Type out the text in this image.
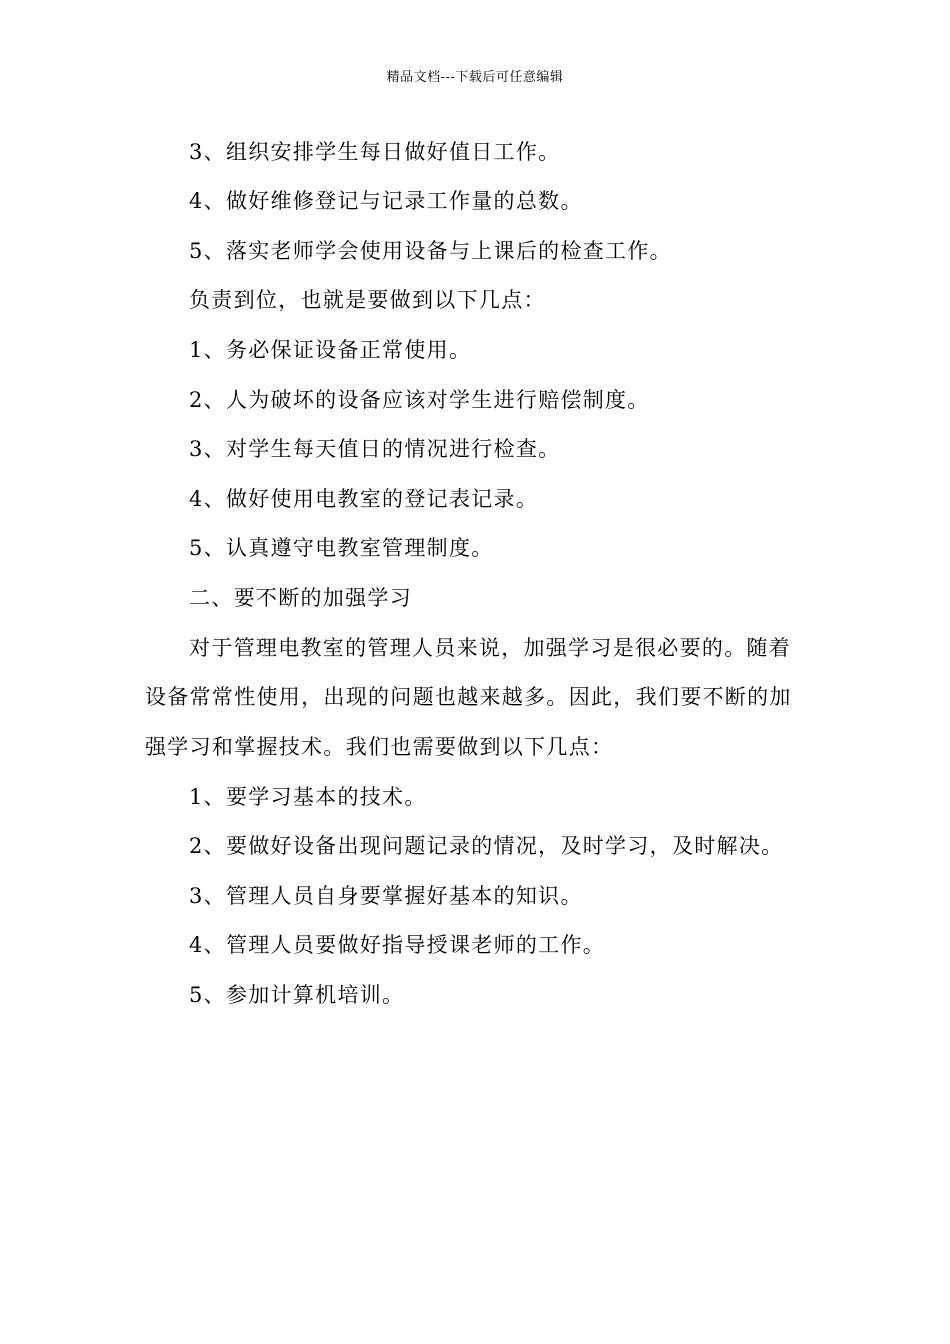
精品文档---下载后可任意编辑
3、组织安排学生每日做好值日工作。
4、做好维修登记与记录工作量的总数。
5、落实老师学会使用设备与上课后的检查工作。
负责到位，也就是要做到以下几点：
1、务必保证设备正常使用。
2、人为破坏的设备应该对学生进行赔偿制度。
3、对学生每天值日的情况进行检查。
4、做好使用电教室的登记表记录。
5、认真遵守电教室管理制度。
二、要不断的加强学习
对于管理电教室的管理人员来说，加强学习是很必要的。随着
设备常常性使用，出现的问题也越来越多。因此，我们要不断的加
强学习和掌握技术。我们也需要做到以下几点：
1、要学习基本的技术。
2、要做好设备出现问题记录的情况，及时学习，及时解决。
3、管理人员自身要掌握好基本的知识。
4、管理人员要做好指导授课老师的工作。
5、参加计算机培训。
